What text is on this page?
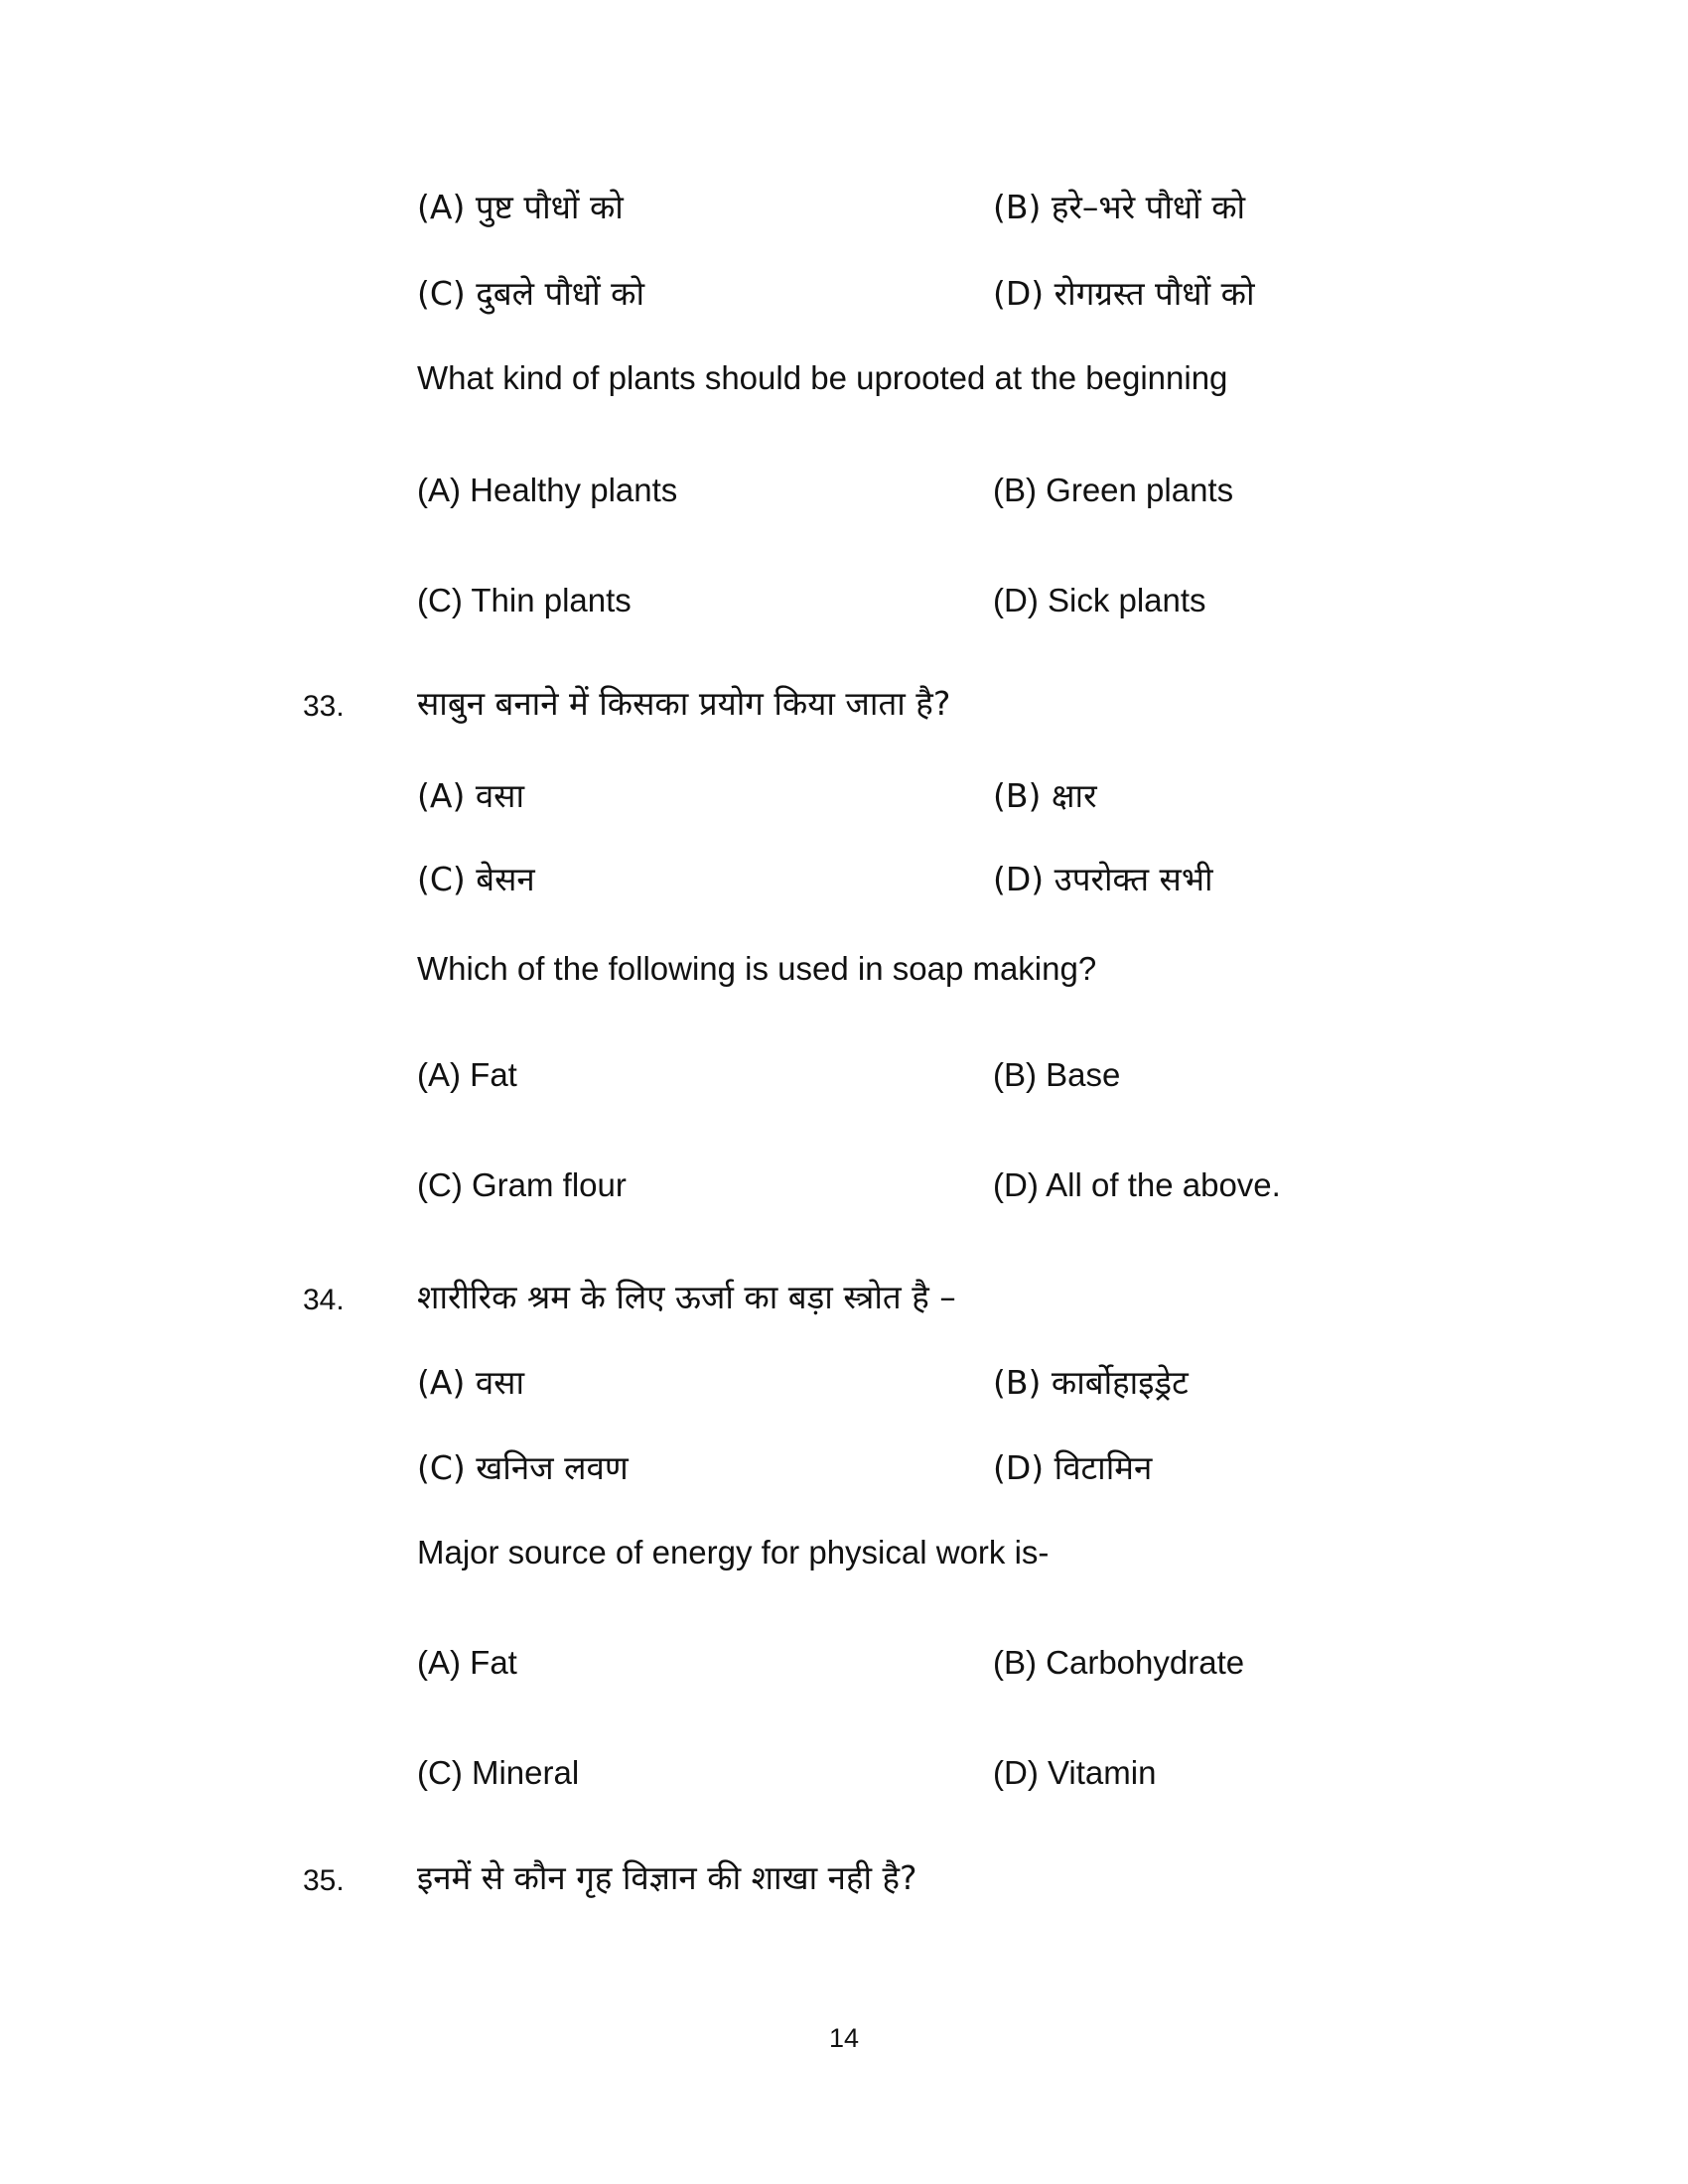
(A) पुष्ट पौधों को	(B) हरे–भरे पौधों को
(C) दुबले पौधों को	(D) रोगग्रस्त पौधों को
What kind of plants should be uprooted at the beginning
(A) Healthy plants	(B) Green plants
(C) Thin plants	(D) Sick plants
33. साबुन बनाने में किसका प्रयोग किया जाता है?
(A) वसा	(B) क्षार
(C) बेसन	(D) उपरोक्त सभी
Which of the following is used in soap making?
(A) Fat	(B) Base
(C) Gram flour	(D) All of the above.
34. शारीरिक श्रम के लिए ऊर्जा का बड़ा स्त्रोत है –
(A) वसा	(B) कार्बोहाइड्रेट
(C) खनिज लवण	(D) विटामिन
Major source of energy for physical work is-
(A) Fat	(B) Carbohydrate
(C) Mineral	(D) Vitamin
35. इनमें से कौन गृह विज्ञान की शाखा नही है?
14
